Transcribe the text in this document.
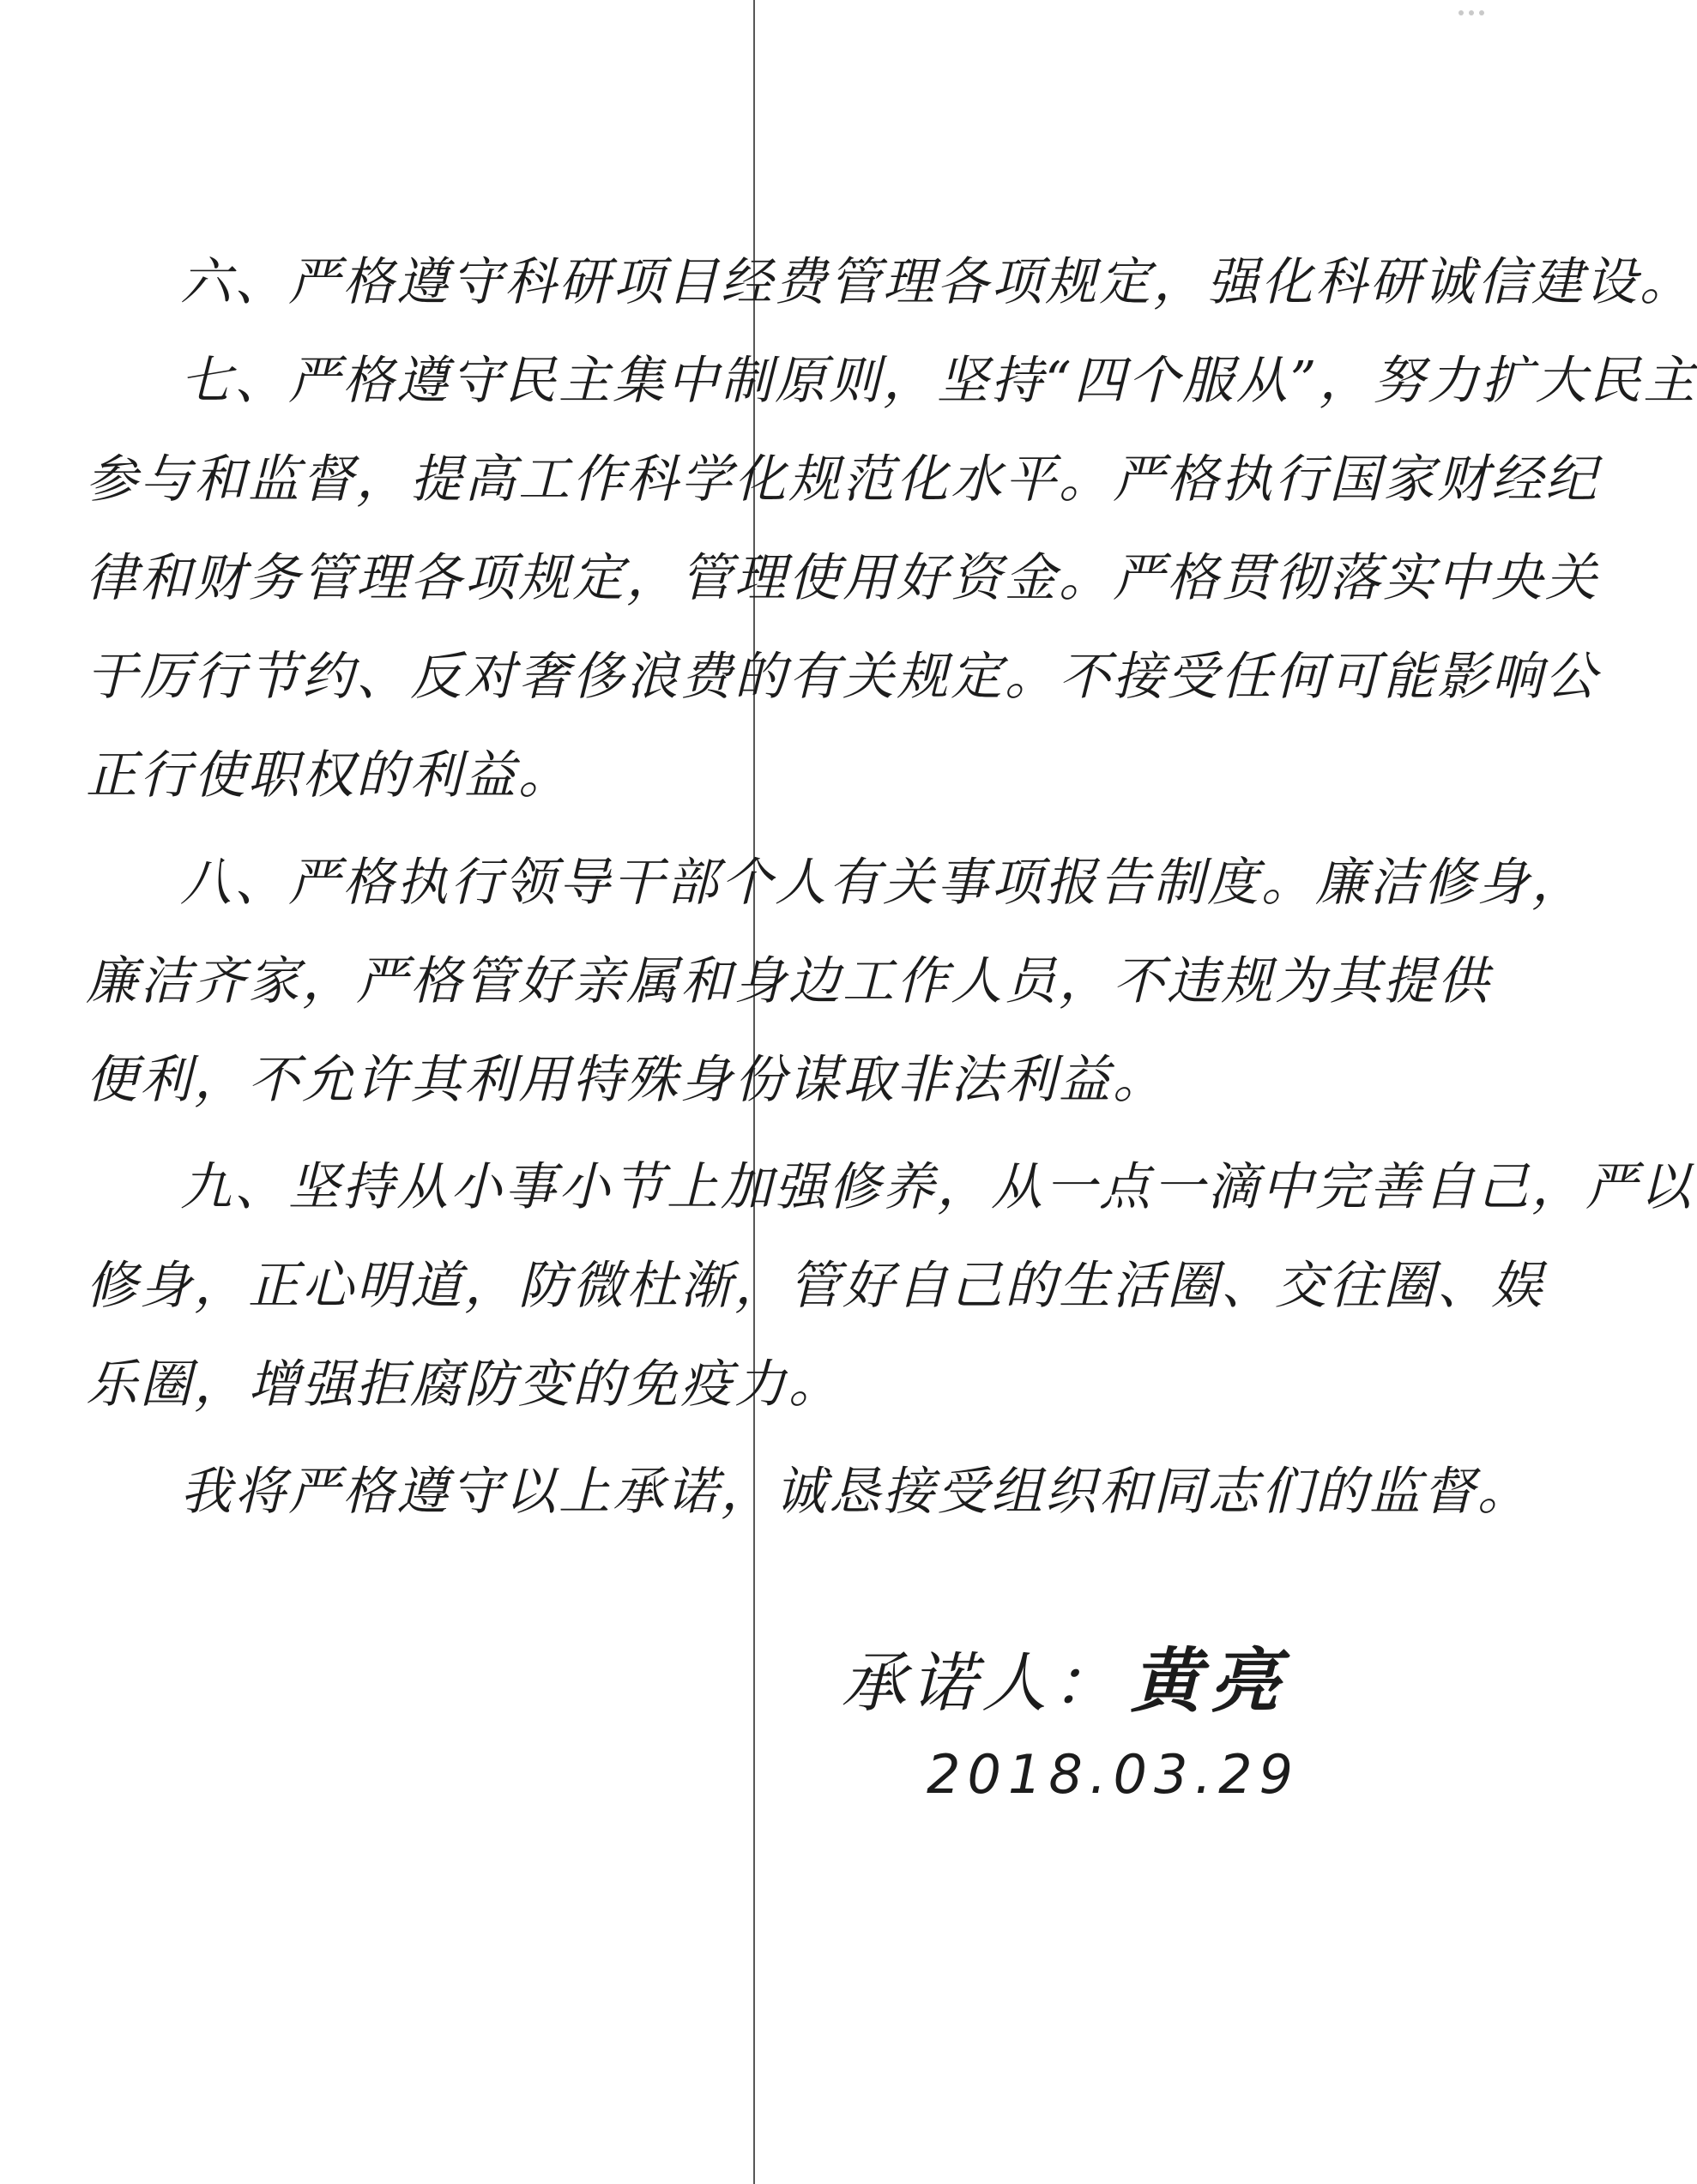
六、严格遵守科研项目经费管理各项规定，强化科研诚信建设。
七、严格遵守民主集中制原则，坚持“四个服从”，努力扩大民主
参与和监督，提高工作科学化规范化水平。严格执行国家财经纪
律和财务管理各项规定，管理使用好资金。严格贯彻落实中央关
于厉行节约、反对奢侈浪费的有关规定。不接受任何可能影响公
正行使职权的利益。
八、严格执行领导干部个人有关事项报告制度。廉洁修身，
廉洁齐家，严格管好亲属和身边工作人员，不违规为其提供
便利，不允许其利用特殊身份谋取非法利益。
九、坚持从小事小节上加强修养，从一点一滴中完善自己，严以
修身，正心明道，防微杜渐，管好自己的生活圈、交往圈、娱
乐圈，增强拒腐防变的免疫力。
我将严格遵守以上承诺，诚恳接受组织和同志们的监督。
承诺人： 黄亮
2018.03.29
